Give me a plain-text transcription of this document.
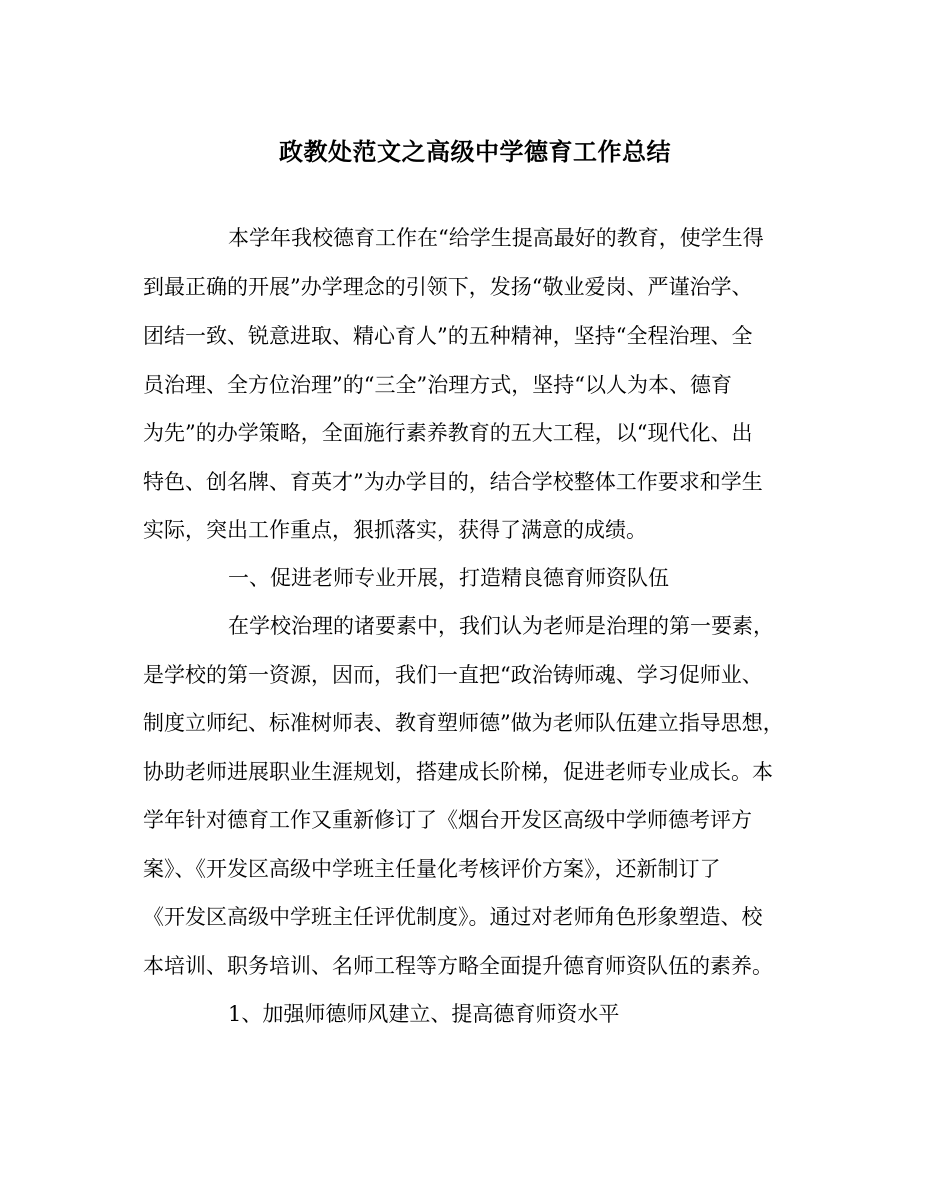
政教处范文之高级中学德育工作总结
本学年我校德育工作在“给学生提高最好的教育，使学生得
到最正确的开展”办学理念的引领下，发扬“敬业爱岗、严谨治学、
团结一致、锐意进取、精心育人”的五种精神，坚持“全程治理、全
员治理、全方位治理”的“三全”治理方式，坚持“以人为本、德育
为先”的办学策略，全面施行素养教育的五大工程，以“现代化、出
特色、创名牌、育英才”为办学目的，结合学校整体工作要求和学生
实际，突出工作重点，狠抓落实，获得了满意的成绩。
一、促进老师专业开展，打造精良德育师资队伍
在学校治理的诸要素中，我们认为老师是治理的第一要素，
是学校的第一资源，因而，我们一直把“政治铸师魂、学习促师业、
制度立师纪、标准树师表、教育塑师德”做为老师队伍建立指导思想，
协助老师进展职业生涯规划，搭建成长阶梯，促进老师专业成长。本
学年针对德育工作又重新修订了《烟台开发区高级中学师德考评方
案》、《开发区高级中学班主任量化考核评价方案》，还新制订了
《开发区高级中学班主任评优制度》。通过对老师角色形象塑造、校
本培训、职务培训、名师工程等方略全面提升德育师资队伍的素养。
1、加强师德师风建立、提高德育师资水平
